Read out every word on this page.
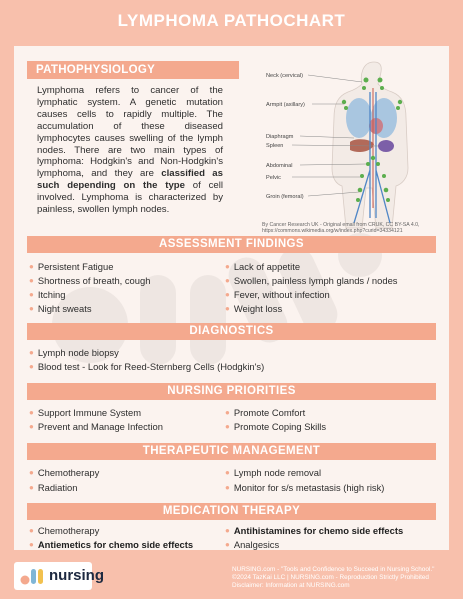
LYMPHOMA PATHOCHART
PATHOPHYSIOLOGY
Lymphoma refers to cancer of the lymphatic system. A genetic mutation causes cells to rapidly multiple. The accumulation of these diseased lymphocytes causes swelling of the lymph nodes. There are two main types of lymphoma: Hodgkin's and Non-Hodgkin's lymphoma, and they are classified as such depending on the type of cell involved. Lymphoma is characterized by painless, swollen lymph nodes.
Neck (cervical)
Armpit (axillary)
Diaphragm
Spleen
Abdominal
Pelvic
Groin (femoral)
By Cancer Research UK - Original email from CRUK, CC BY-SA 4.0, https://commons.wikimedia.org/w/index.php?curid=34334121
ASSESSMENT FINDINGS
● Persistent Fatigue
● Shortness of breath, cough
● Itching
● Night sweats
● Lack of appetite
● Swollen, painless lymph glands / nodes
● Fever, without infection
● Weight loss
DIAGNOSTICS
● Lymph node biopsy
● Blood test - Look for Reed-Sternberg Cells (Hodgkin's)
NURSING PRIORITIES
● Support Immune System
● Prevent and Manage Infection
● Promote Comfort
● Promote Coping Skills
THERAPEUTIC MANAGEMENT
● Chemotherapy
● Radiation
● Lymph node removal
● Monitor for s/s metastasis (high risk)
MEDICATION THERAPY
● Chemotherapy
● Antiemetics for chemo side effects
● Antihistamines for chemo side effects
● Analgesics
nursing	NURSING.com - "Tools and Confidence to Succeed in Nursing School."
©2024 TazKai LLC | NURSING.com - Reproduction Strictly Prohibited
Disclaimer: Information at NURSING.com
